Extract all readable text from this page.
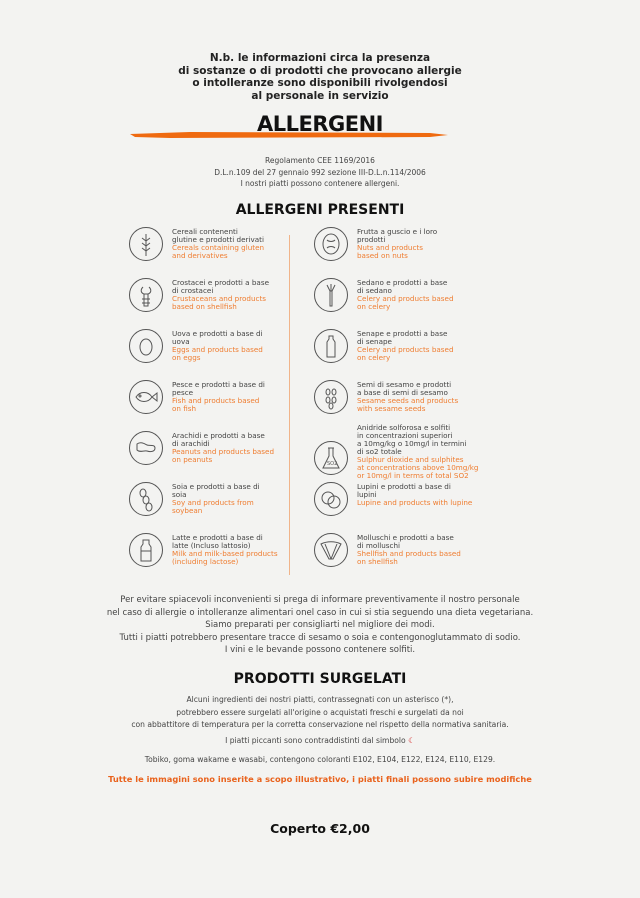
N.b. le informazioni circa la presenza
di sostanze o di prodotti che provocano allergie
o intolleranze sono disponibili rivolgendosi
al personale in servizio
ALLERGENI
Regolamento CEE 1169/2016
D.L.n.109 del 27 gennaio 992 sezione III-D.L.n.114/2006
I nostri piatti possono contenere allergeni.
ALLERGENI PRESENTI
Cereali contenenti
glutine e prodotti derivati
Cereals containing gluten
and derivatives
Crostacei e prodotti a base
di crostacei
Crustaceans and products
based on shellfish
Uova e prodotti a base di
uova
Eggs and products based
on eggs
Pesce e prodotti a base di
pesce
Fish and products based
on fish
Arachidi e prodotti a base
di arachidi
Peanuts and products based
on peanuts
Soia e prodotti a base di
soia
Soy and products from
soybean
Latte e prodotti a base di
latte (Incluso lattosio)
Milk and milk-based products
(including lactose)
Frutta a guscio e i loro
prodotti
Nuts and products
based on nuts
Sedano e prodotti a base
di sedano
Celery and products based
on celery
Senape e prodotti a base
di senape
Celery and products based
on celery
Semi di sesamo e prodotti
a base di semi di sesamo
Sesame seeds and products
with sesame seeds
SO2
Anidride solforosa e solfiti
in concentrazioni superiori
a 10mg/kg o 10mg/l in termini
di so2 totale
Sulphur dioxide and sulphites
at concentrations above 10mg/kg
or 10mg/l in terms of total SO2
Lupini e prodotti a base di
lupini
Lupine and products with lupine
Molluschi e prodotti a base
di molluschi
Shellfish and products based
on shellfish
Per evitare spiacevoli inconvenienti si prega di informare preventivamente il nostro personale
nel caso di allergie o intolleranze alimentari onel caso in cui si stia seguendo una dieta vegetariana.
Siamo preparati per consigliarti nel migliore dei modi.
Tutti i piatti potrebbero presentare tracce di sesamo o soia e contengonoglutammato di sodio.
I vini e le bevande possono contenere solfiti.
PRODOTTI SURGELATI
Alcuni ingredienti dei nostri piatti, contrassegnati con un asterisco (*),
potrebbero essere surgelati all'origine o acquistati freschi e surgelati da noi
con abbattitore di temperatura per la corretta conservazione nel rispetto della normativa sanitaria.
I piatti piccanti sono contraddistinti dal simbolo ☾
Tobiko, goma wakame e wasabi, contengono coloranti E102, E104, E122, E124, E110, E129.
Tutte le immagini sono inserite a scopo illustrativo, i piatti finali possono subire modifiche
Coperto €2,00
